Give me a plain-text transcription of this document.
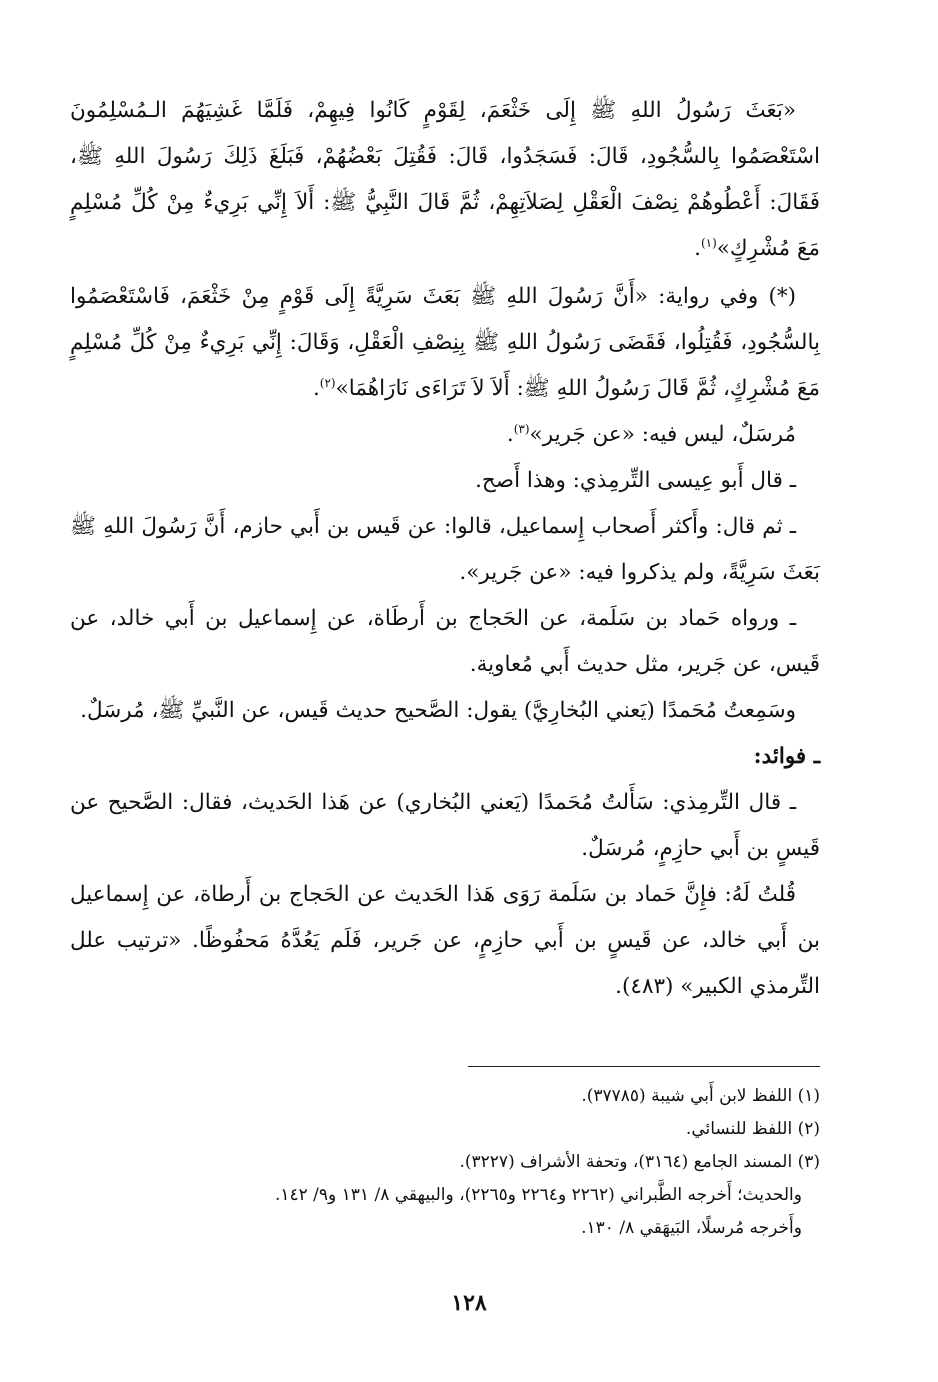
«بَعَثَ رَسُولُ اللهِ ﷺ إِلَى خَثْعَمَ، لِقَوْمٍ كَانُوا فِيهِمْ، فَلَمَّا غَشِيَهُمَ الـمُسْلِمُونَ اسْتَعْصَمُوا بِالسُّجُودِ، قَالَ: فَسَجَدُوا، قَالَ: فَقُتِلَ بَعْضُهُمْ، فَبَلَغَ ذَلِكَ رَسُولَ اللهِ ﷺ، فَقَالَ: أَعْطُوهُمْ نِصْفَ الْعَقْلِ لِصَلاَتِهِمْ، ثُمَّ قَالَ النَّبِيُّ ﷺ: أَلاَ إِنِّي بَرِيءٌ مِنْ كُلِّ مُسْلِمٍ مَعَ مُشْرِكٍ»$^{(١)}$.

(*) وفي رواية: «أَنَّ رَسُولَ اللهِ ﷺ بَعَثَ سَرِيَّةً إِلَى قَوْمٍ مِنْ خَثْعَمَ، فَاسْتَعْصَمُوا بِالسُّجُودِ، فَقُتِلُوا، فَقَضَى رَسُولُ اللهِ ﷺ بِنِصْفِ الْعَقْلِ، وَقَالَ: إِنِّي بَرِيءٌ مِنْ كُلِّ مُسْلِمٍ مَعَ مُشْرِكٍ، ثُمَّ قَالَ رَسُولُ اللهِ ﷺ: أَلاَ لاَ تَرَاءَى نَارَاهُمَا»$^{(٢)}$.

مُرسَلٌ، ليس فيه: «عن جَرير»$^{(٣)}$.

ـ قال أَبو عِيسى التِّرمِذي: وهذا أَصح.

ـ ثم قال: وأَكثر أَصحاب إِسماعيل، قالوا: عن قَيس بن أَبي حازم، أَنَّ رَسُولَ اللهِ ﷺ بَعَثَ سَرِيَّةً، ولم يذكروا فيه: «عن جَرير».

ـ ورواه حَماد بن سَلَمة، عن الحَجاج بن أَرطَاة، عن إِسماعيل بن أَبي خالد، عن قَيس، عن جَرير، مثل حديث أَبي مُعاوية.

وسَمِعتُ مُحَمدًا (يَعني البُخارِيَّ) يقول: الصَّحيح حديث قَيس، عن النَّبيِّ ﷺ، مُرسَلٌ.

ـ فوائد:

ـ قال التِّرمِذي: سَأَلتُ مُحَمدًا (يَعني البُخاري) عن هَذا الحَديث، فقال: الصَّحيح عن قَيسٍ بن أَبي حازِمٍ، مُرسَلٌ.

قُلتُ لَهُ: فإِنَّ حَماد بن سَلَمة رَوَى هَذا الحَديث عن الحَجاج بن أَرطاة، عن إِسماعيل بن أَبي خالد، عن قَيسٍ بن أَبي حازِمٍ، عن جَرير، فَلَم يَعُدَّهُ مَحفُوظًا. «ترتيب علل التِّرمذي الكبير» (٤٨٣).

(١) اللفظ لابن أَبي شيبة (٣٧٧٨٥).

(٢) اللفظ للنسائي.

(٣) المسند الجامع (٣١٦٤)، وتحفة الأشراف (٣٢٢٧).

والحديث؛ أَخرجه الطَّبراني (٢٢٦٢ و٢٢٦٤ و٢٢٦٥)، والبيهقي ٨/ ١٣١ و٩/ ١٤٢.

وأَخرجه مُرسلًا، البَيهَقي ٨/ ١٣٠.

١٢٨
